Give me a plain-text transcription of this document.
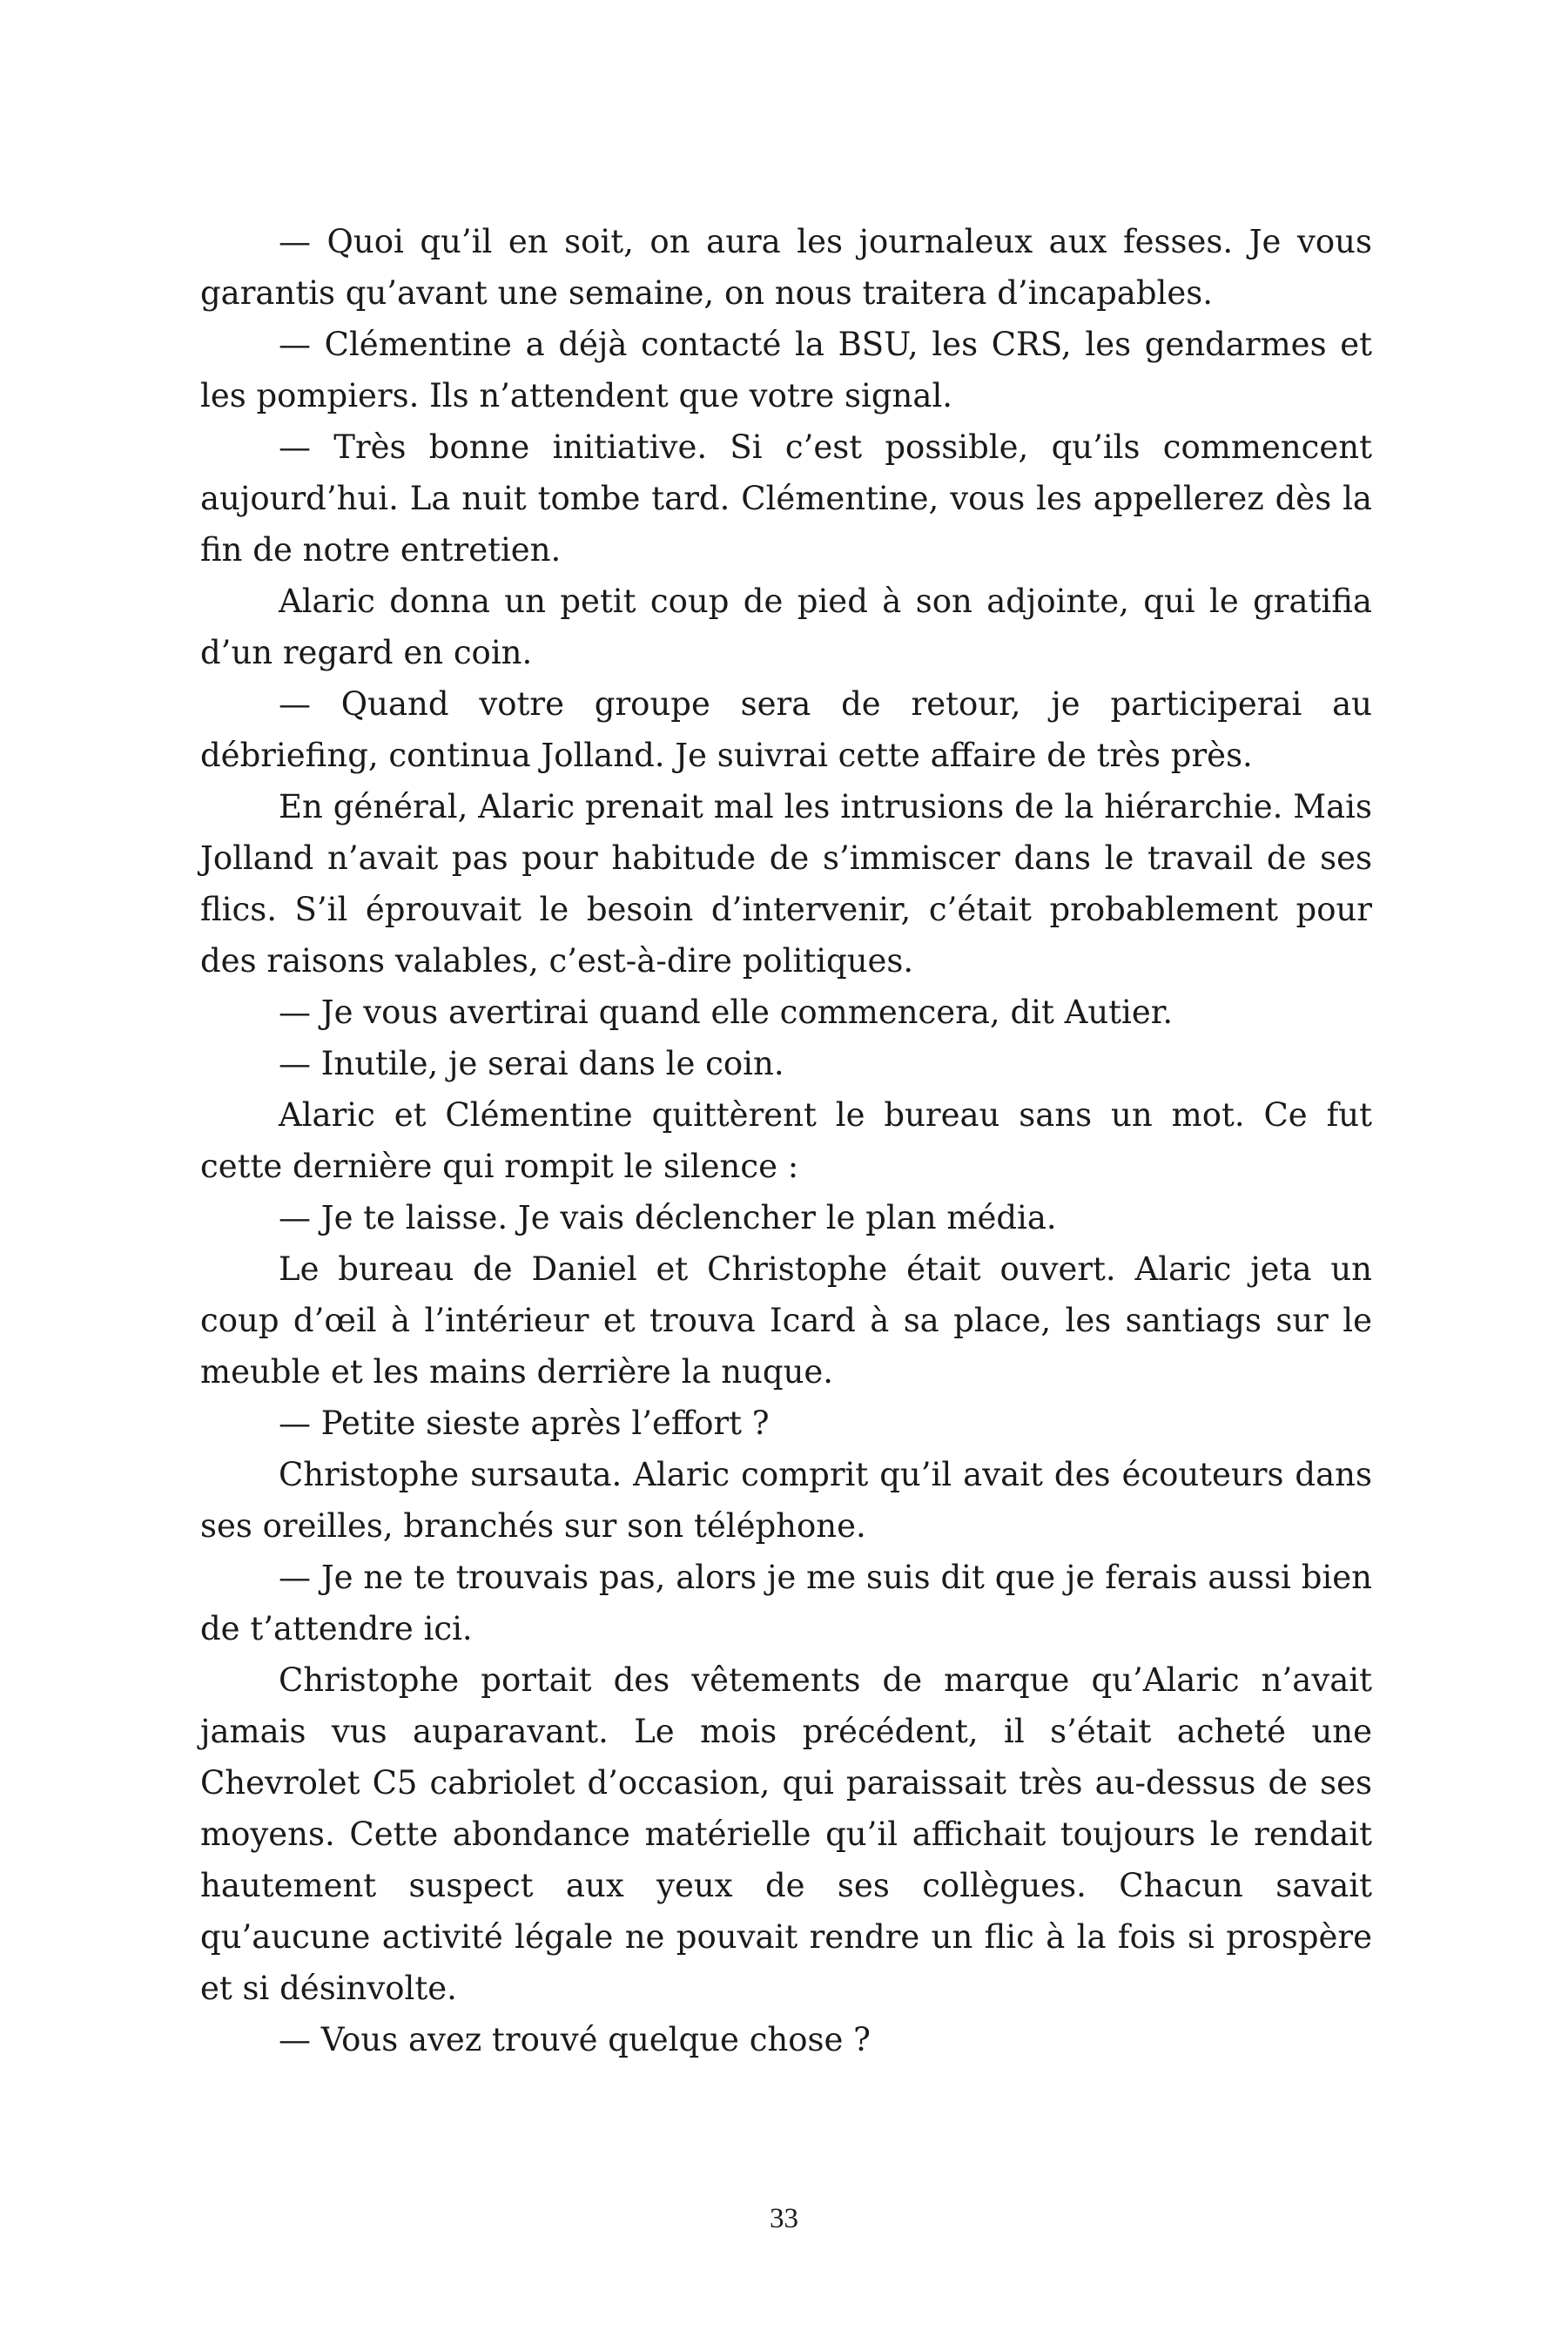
— Quoi qu’il en soit, on aura les journaleux aux fesses. Je vous garantis qu’avant une semaine, on nous traitera d’incapables.

— Clémentine a déjà contacté la BSU, les CRS, les gendarmes et les pompiers. Ils n’attendent que votre signal.

— Très bonne initiative. Si c’est possible, qu’ils commencent aujourd’hui. La nuit tombe tard. Clémentine, vous les appellerez dès la fin de notre entretien.

Alaric donna un petit coup de pied à son adjointe, qui le gratifia d’un regard en coin.

— Quand votre groupe sera de retour, je participerai au débriefing, continua Jolland. Je suivrai cette affaire de très près.

En général, Alaric prenait mal les intrusions de la hiérarchie. Mais Jolland n’avait pas pour habitude de s’immiscer dans le travail de ses flics. S’il éprouvait le besoin d’intervenir, c’était probablement pour des raisons valables, c’est-à-dire politiques.

— Je vous avertirai quand elle commencera, dit Autier.

— Inutile, je serai dans le coin.

Alaric et Clémentine quittèrent le bureau sans un mot. Ce fut cette dernière qui rompit le silence :

— Je te laisse. Je vais déclencher le plan média.

Le bureau de Daniel et Christophe était ouvert. Alaric jeta un coup d’œil à l’intérieur et trouva Icard à sa place, les santiags sur le meuble et les mains derrière la nuque.

— Petite sieste après l’effort ?

Christophe sursauta. Alaric comprit qu’il avait des écouteurs dans ses oreilles, branchés sur son téléphone.

— Je ne te trouvais pas, alors je me suis dit que je ferais aussi bien de t’attendre ici.

Christophe portait des vêtements de marque qu’Alaric n’avait jamais vus auparavant. Le mois précédent, il s’était acheté une Chevrolet C5 cabriolet d’occasion, qui paraissait très au-dessus de ses moyens. Cette abondance matérielle qu’il affichait toujours le rendait hautement suspect aux yeux de ses collègues. Chacun savait qu’aucune activité légale ne pouvait rendre un flic à la fois si prospère et si désinvolte.

— Vous avez trouvé quelque chose ?

33
